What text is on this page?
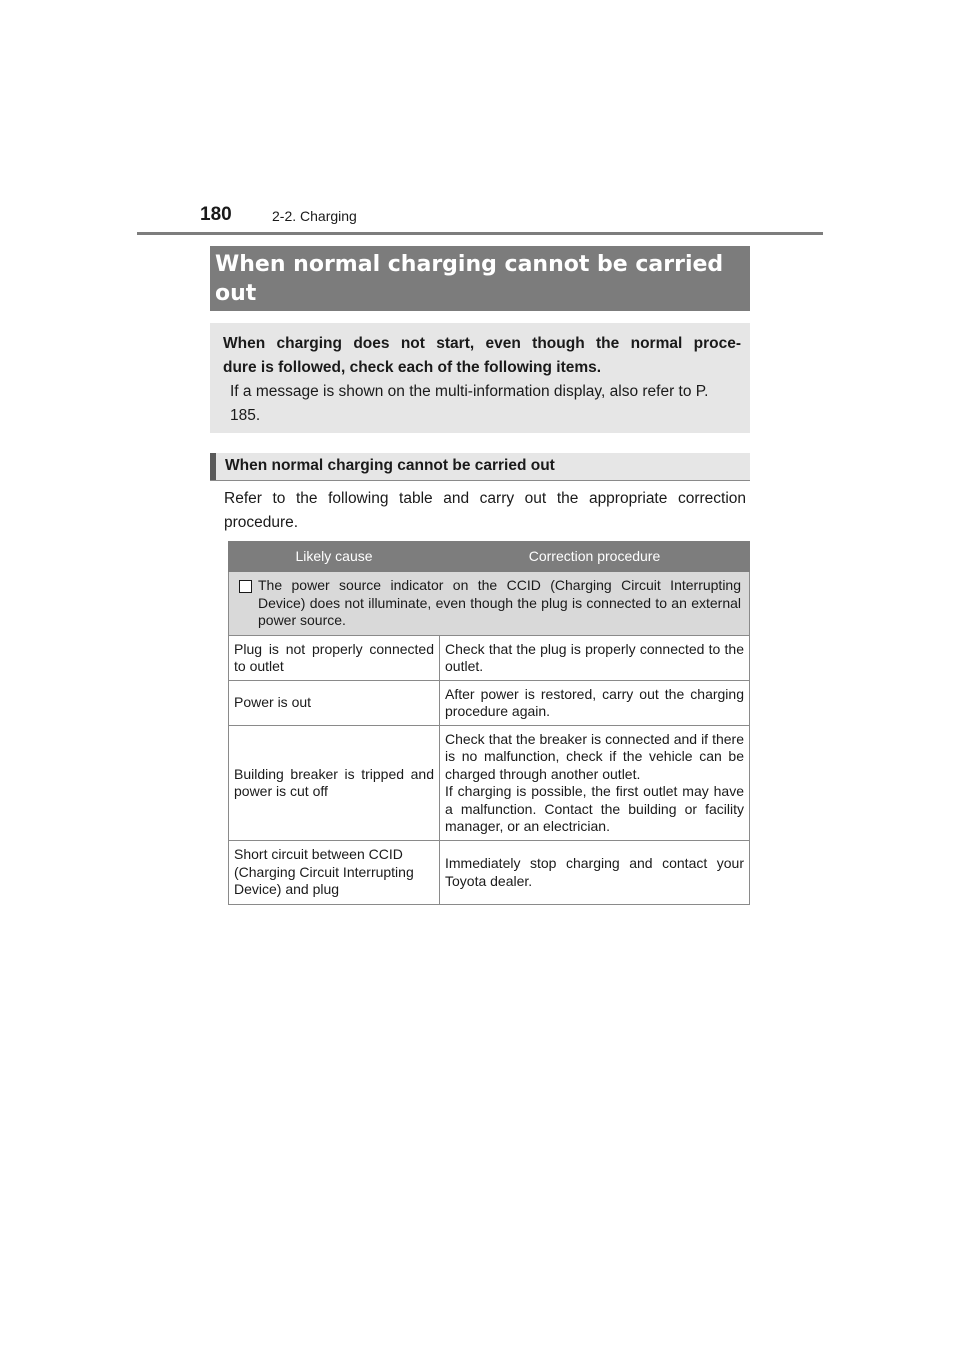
180	2-2. Charging
When normal charging cannot be carried out
When charging does not start, even though the normal proce-
dure is followed, check each of the following items.
If a message is shown on the multi-information display, also refer to P. 185.
When normal charging cannot be carried out
Refer to the following table and carry out the appropriate correction procedure.
Likely cause	Correction procedure

The power source indicator on the CCID (Charging Circuit Interrupting Device) does not illuminate, even though the plug is connected to an external power source.	

Plug is not properly connected to outlet	Check that the plug is properly connected to the outlet.
Power is out	After power is restored, carry out the charging procedure again.
Building breaker is tripped and power is cut off	Check that the breaker is connected and if there is no malfunction, check if the vehicle can be charged through another outlet.
If charging is possible, the first outlet may have a malfunction. Contact the building or facility manager, or an electrician.

Short circuit between CCID (Charging Circuit Interrupting Device) and plug	Immediately stop charging and contact your Toyota dealer.
